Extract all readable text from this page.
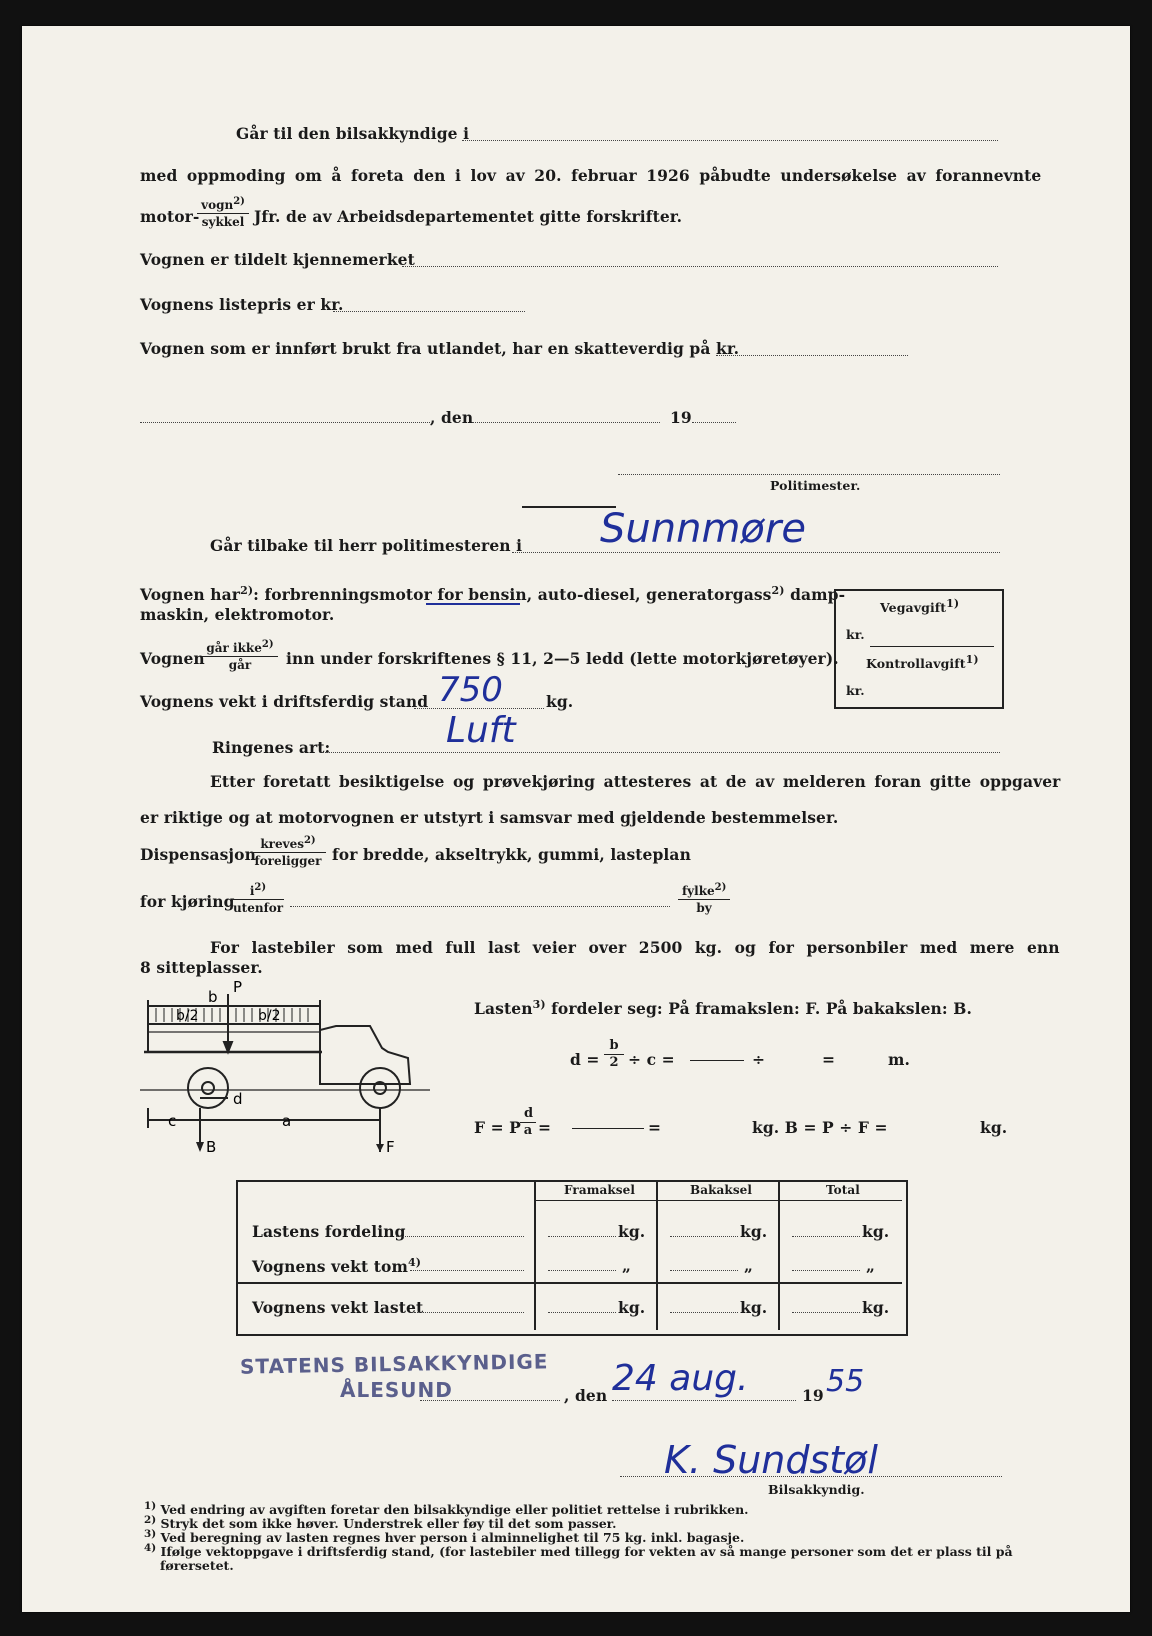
Går til den bilsakkyndige i
med oppmoding om å foreta den i lov av 20. februar 1926 påbudte undersøkelse av forannevnte
motor-
vogn$^{2)}$
sykkel Jfr. de av Arbeidsdepartementet gitte forskrifter.
Vognen er tildelt kjennemerket
Vognens listepris er kr.
Vognen som er innført brukt fra utlandet, har en skatteverdig på kr.
, den	19
Politimester.
Går tilbake til herr politimesteren i Sunnmøre
Vognen har$^{2)}$: forbrenningsmotor for bensin, auto-diesel, generatorgass$^{2)}$ damp-
maskin, elektromotor.	Vegavgift$^{1)}$
kr.
Kontrollavgift$^{1)}$
kr.
Vognen
går ikke$^{2)}$
går	inn under forskriftenes § 11, 2—5 ledd (lette motorkjøretøyer).
Vognens vekt i driftsferdig stand	kg.
750
Ringenes art:	Luft
Etter foretatt besiktigelse og prøvekjøring attesteres at de av melderen foran gitte oppgaver
er riktige og at motorvognen er utstyrt i samsvar med gjeldende bestemmelser.
Dispensasjon
kreves$^{2)}$
foreligger for bredde, akseltrykk, gummi, lasteplan
for kjøring
$i^{2)}$
utenfor
fylke$^{2)}$
by
For lastebiler som med full last veier over 2500 kg. og for personbiler med mere enn
8 sitteplasser.
P
b
b/2	b/2
c
d
a
B	F
Lasten$^{3)}$ fordeler seg: På framakslen: F. På bakakslen: B.
$d = \frac{b}{2} \div c$ =	÷	=	m.
F = P $\frac{d}{a}$ =	=	kg. B = P ÷ F =	kg.
Framaksel	Bakaksel	Total
Lastens fordeling	kg.	kg.	kg.
Vognens vekt tom$^{4)}$	„	„	„
Vognens vekt lastet	kg.	kg.	kg.
STATENS BILSAKKYNDIGE
ÅLESUND	, den	19
24 aug.	55
K. Sundstøl
Bilsakkyndig.
$^{1)}$ Ved endring av avgiften foretar den bilsakkyndige eller politiet rettelse i rubrikken.
$^{2)}$ Stryk det som ikke høver. Understrek eller føy til det som passer.
$^{3)}$ Ved beregning av lasten regnes hver person i alminnelighet til 75 kg. inkl. bagasje.
$^{4)}$ Ifølge vektoppgave i driftsferdig stand, (for lastebiler med tillegg for vekten av så mange personer som det er plass til på
førersetet.
